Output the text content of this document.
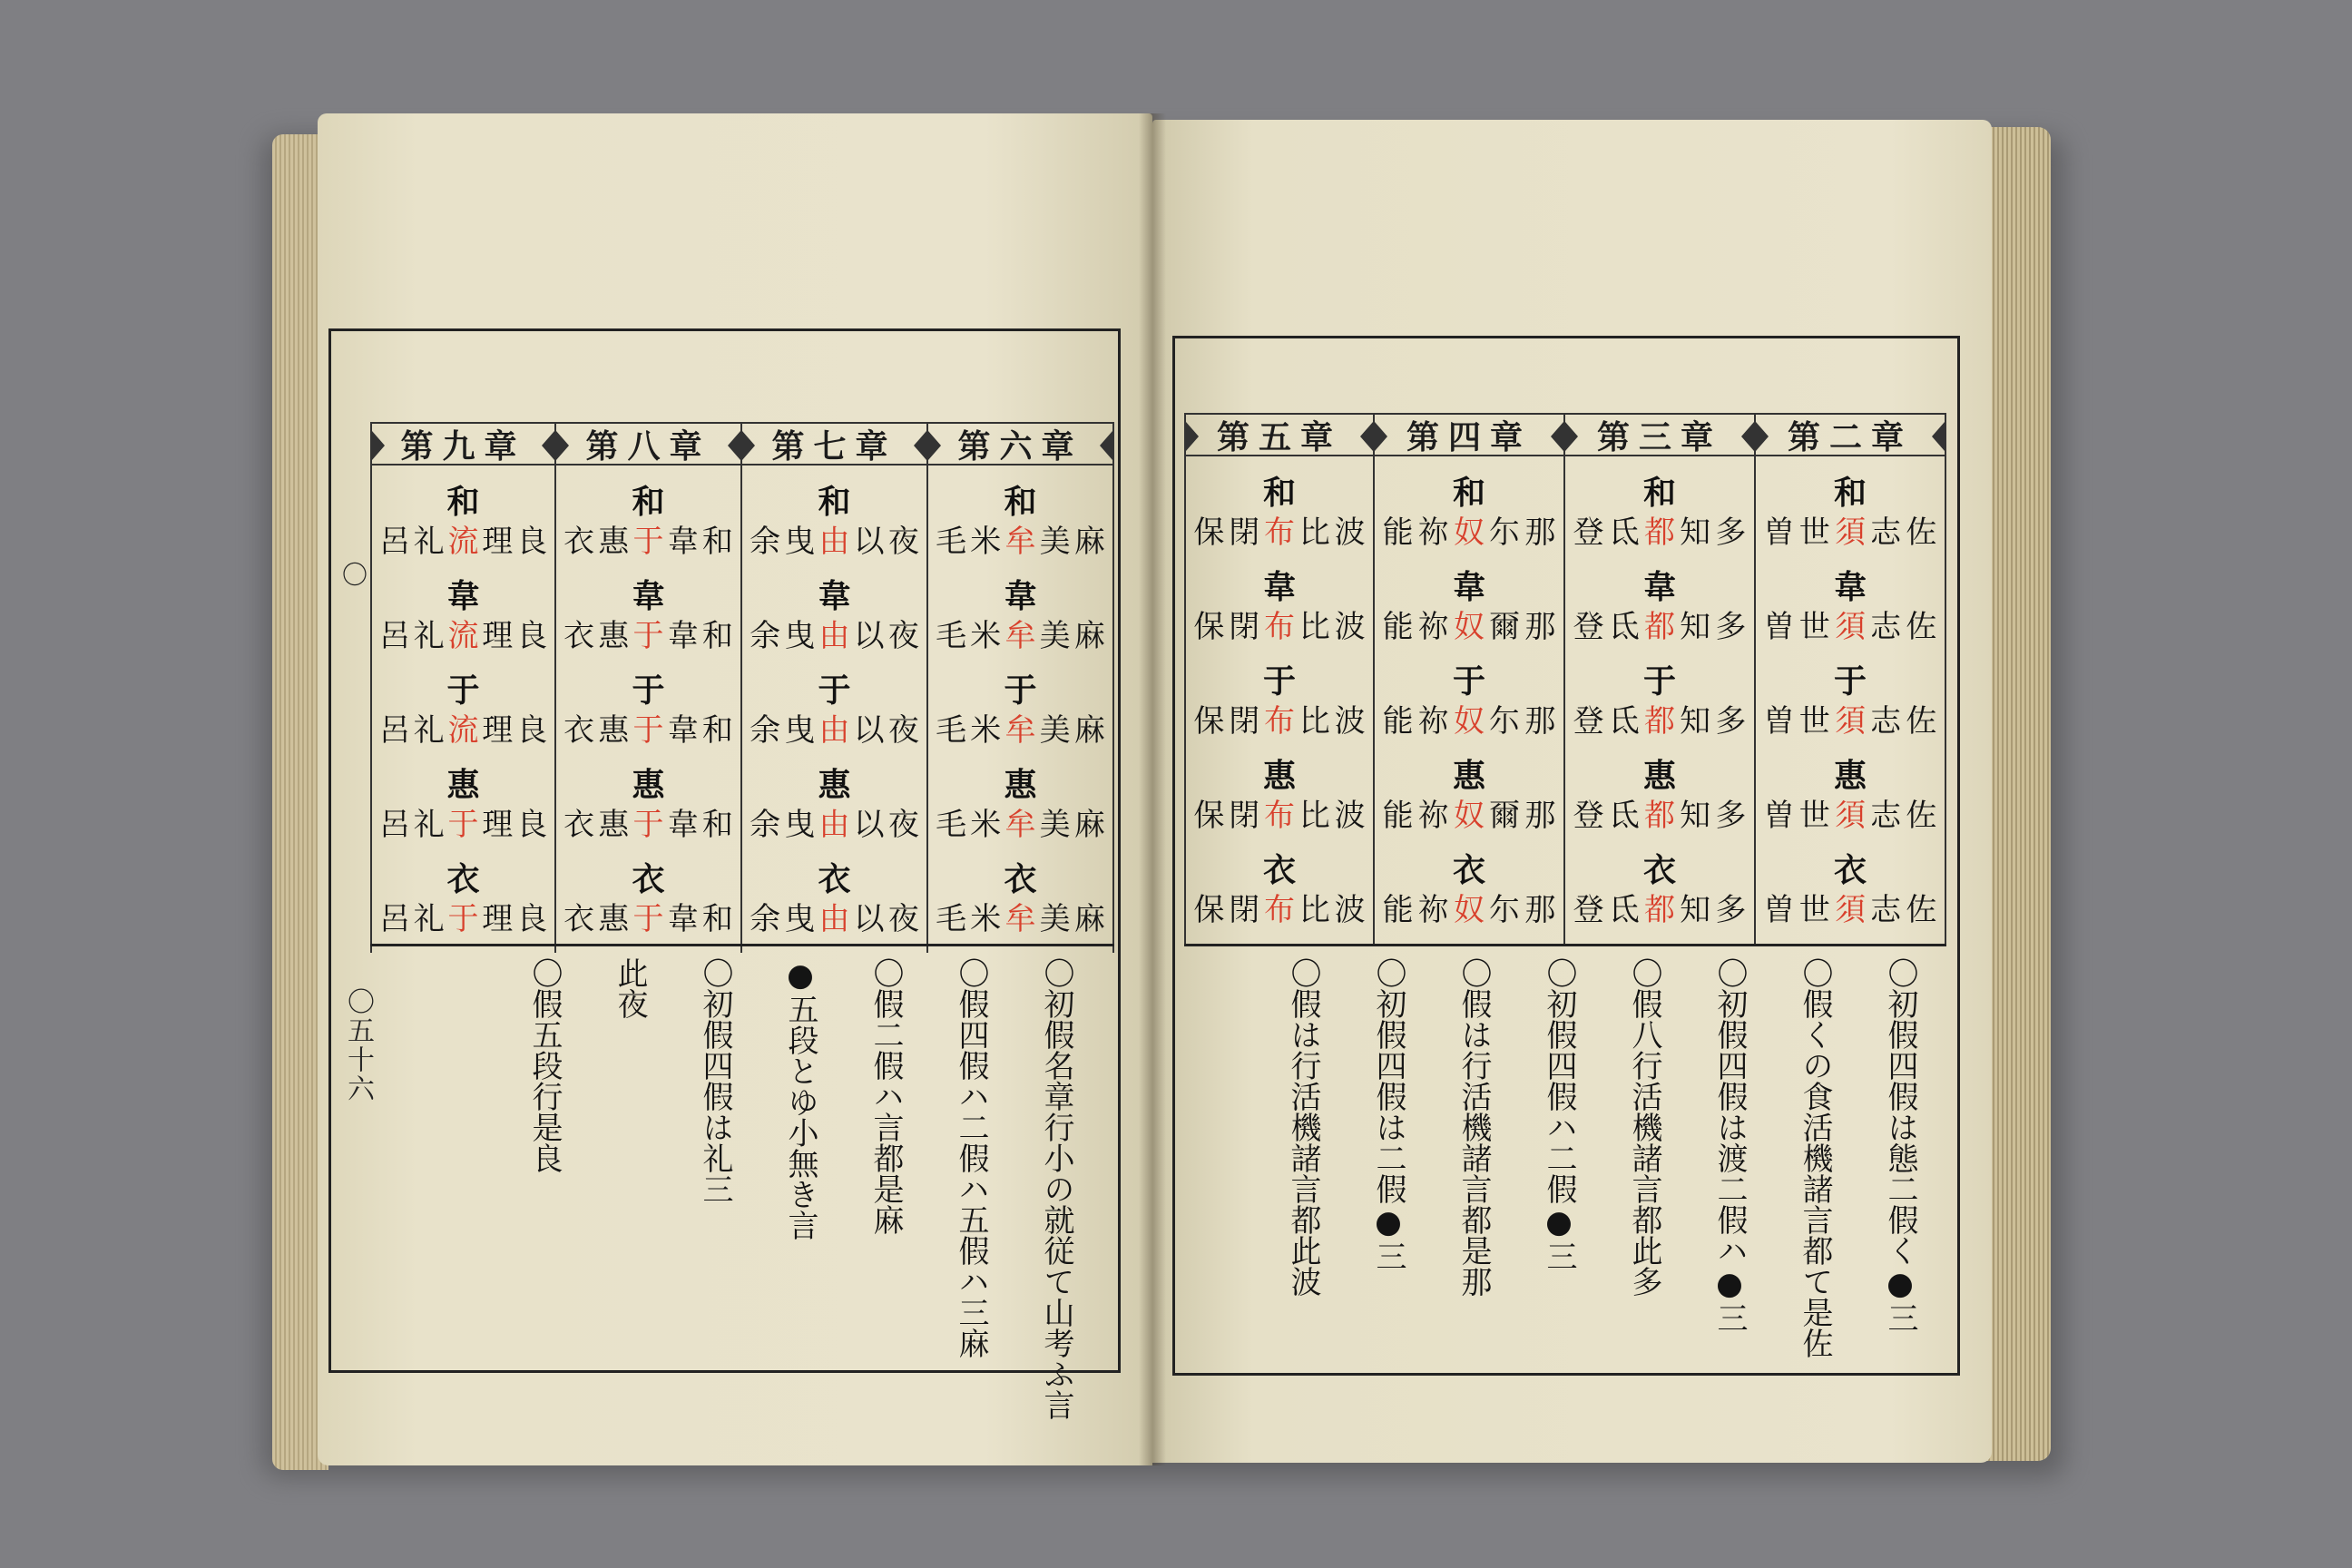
〇
〇五十六
第九章
和
呂 礼 流 理 良
韋
呂 礼 流 理 良
于
呂 礼 流 理 良
惠
呂 礼 于 理 良
衣
呂 礼 于 理 良
第八章
和
衣 惠 于 韋 和
韋
衣 惠 于 韋 和
于
衣 惠 于 韋 和
惠
衣 惠 于 韋 和
衣
衣 惠 于 韋 和
第七章
和
余 曳 由 以 夜
韋
余 曳 由 以 夜
于
余 曳 由 以 夜
惠
余 曳 由 以 夜
衣
余 曳 由 以 夜
第六章
和
毛 米 牟 美 麻
韋
毛 米 牟 美 麻
于
毛 米 牟 美 麻
惠
毛 米 牟 美 麻
衣
毛 米 牟 美 麻
第五章
和
保 閉 布 比 波
韋
保 閉 布 比 波
于
保 閉 布 比 波
惠
保 閉 布 比 波
衣
保 閉 布 比 波
第四章
和
能 祢 奴 尓 那
韋
能 祢 奴 爾 那
于
能 祢 奴 尓 那
惠
能 祢 奴 爾 那
衣
能 祢 奴 尓 那
第三章
和
登 氐 都 知 多
韋
登 氐 都 知 多
于
登 氐 都 知 多
惠
登 氐 都 知 多
衣
登 氐 都 知 多
第二章
和
曽 世 須 志 佐
韋
曽 世 須 志 佐
于
曽 世 須 志 佐
惠
曽 世 須 志 佐
衣
曽 世 須 志 佐
〇初
假名
章行
小の
就従
て山
考ふ
言
〇假
四假
ハ二
假ハ
五假
ハ
三麻
〇假
二假
ハ
言
都
是麻
●五
段と
ゆ
小無
き言
〇初
假
四假
は
礼
三
此夜
〇假
五
段
行
是良
〇初
假
四假
は
態
二假
く
●
三
〇假
くの
食
活
機
諸
言
都
て
是佐
〇初
假
四假
は
渡
二假
ハ
●
三
〇假
八
行
活
機
諸
言
都
此多
〇初
假
四
假
ハ
二
假
●
三
〇假
は
行
活
機
諸
言
都
是那
〇初
假
四
假
は
二假
●
三
〇假
は
行
活
機
諸
言
都
此波
